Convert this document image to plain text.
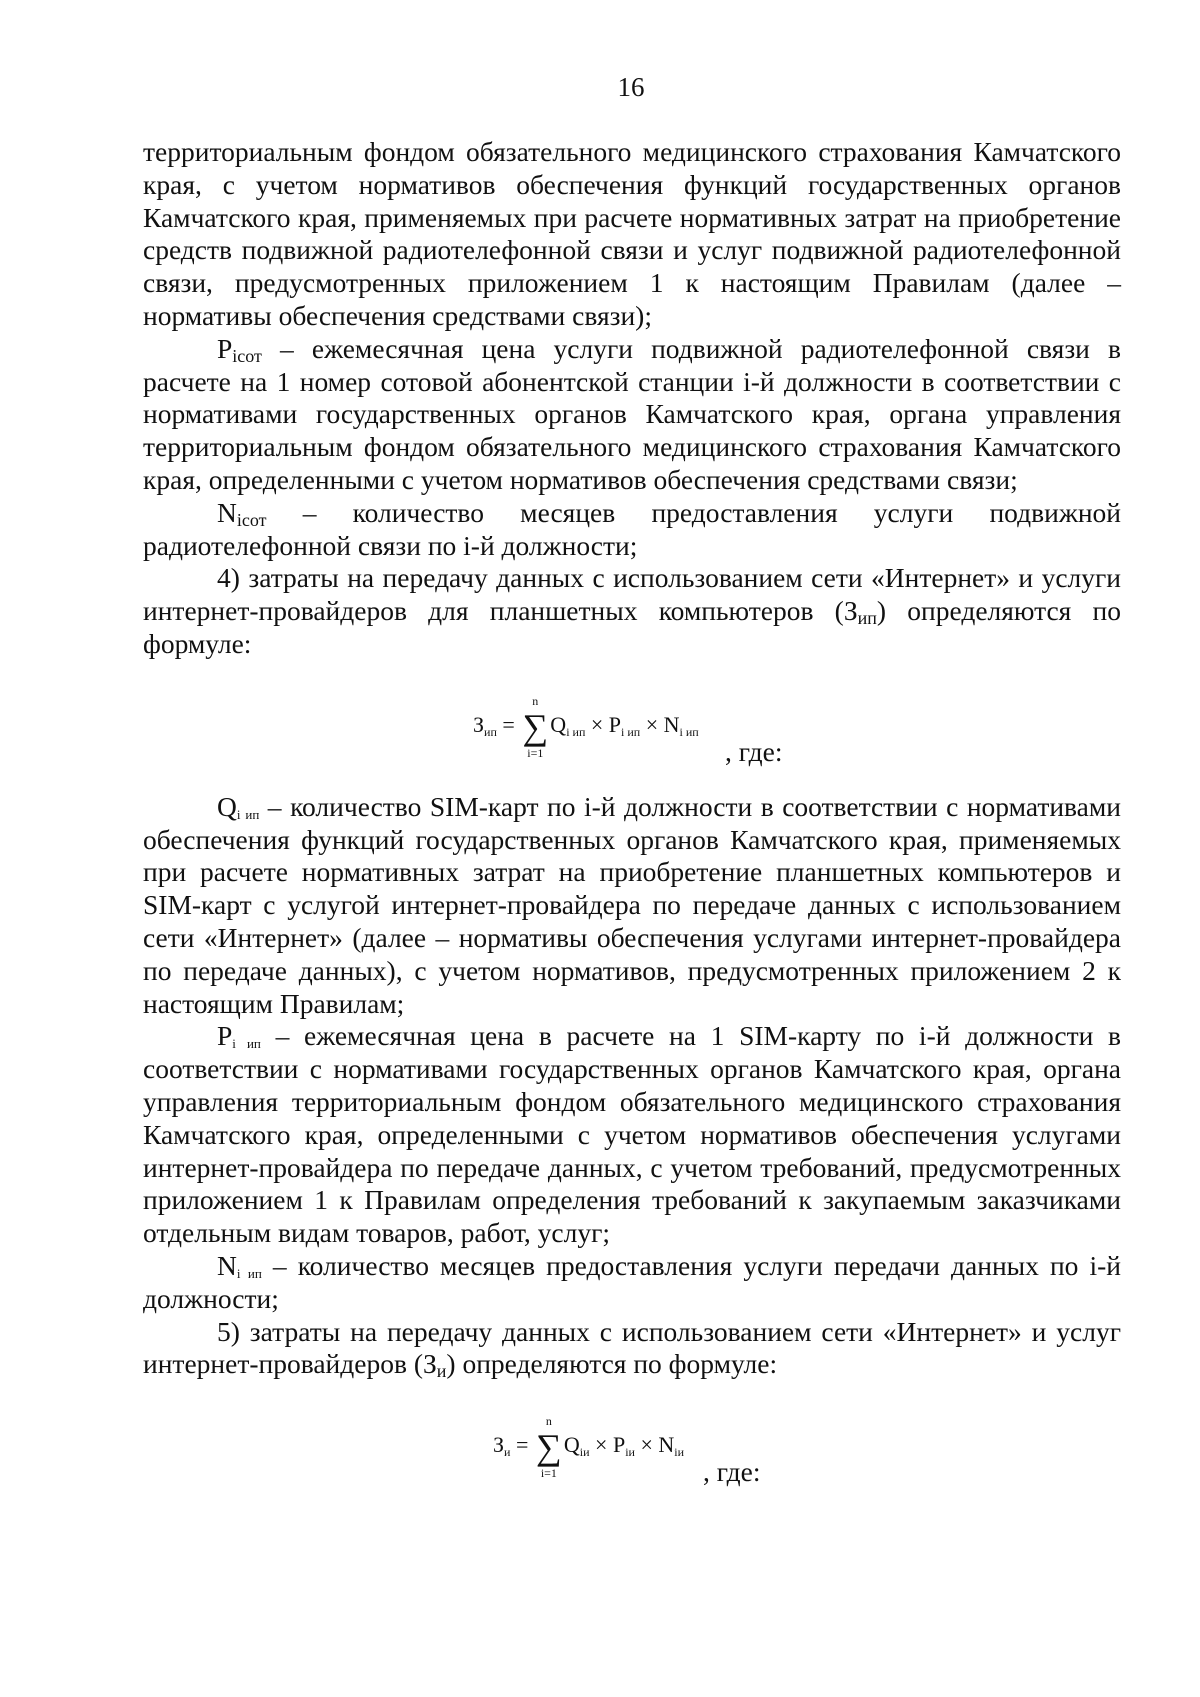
16

территориальным фондом обязательного медицинского страхования Камчатского края, с учетом нормативов обеспечения функций государственных органов Камчатского края, применяемых при расчете нормативных затрат на приобретение средств подвижной радиотелефонной связи и услуг подвижной радиотелефонной связи, предусмотренных приложением 1 к настоящим Правилам (далее – нормативы обеспечения средствами связи);

$P_{icот}$ – ежемесячная цена услуги подвижной радиотелефонной связи в расчете на 1 номер сотовой абонентской станции i-й должности в соответствии с нормативами государственных органов Камчатского края, органа управления территориальным фондом обязательного медицинского страхования Камчатского края, определенными с учетом нормативов обеспечения средствами связи;

$N_{icот}$ – количество месяцев предоставления услуги подвижной радиотелефонной связи по i-й должности;

4) затраты на передачу данных с использованием сети «Интернет» и услуги интернет-провайдеров для планшетных компьютеров $(З_{ип})$ определяются по формуле:

Зип =
n
∑
i=1
Qi ип × Pi ип × Ni ип
, где:

Qi ип – количество SIM-карт по i-й должности в соответствии с нормативами обеспечения функций государственных органов Камчатского края, применяемых при расчете нормативных затрат на приобретение планшетных компьютеров и SIM-карт с услугой интернет-провайдера по передаче данных с использованием сети «Интернет» (далее – нормативы обеспечения услугами интернет-провайдера по передаче данных), с учетом нормативов, предусмотренных приложением 2 к настоящим Правилам;

Pi ип – ежемесячная цена в расчете на 1 SIM-карту по i-й должности в соответствии с нормативами государственных органов Камчатского края, органа управления территориальным фондом обязательного медицинского страхования Камчатского края, определенными с учетом нормативов обеспечения услугами интернет-провайдера по передаче данных, с учетом требований, предусмотренных приложением 1 к Правилам определения требований к закупаемым заказчиками отдельным видам товаров, работ, услуг;

Ni ип – количество месяцев предоставления услуги передачи данных по i-й должности;

5) затраты на передачу данных с использованием сети «Интернет» и услуг интернет-провайдеров $(З_и)$ определяются по формуле:

Зи =
n
∑
i=1
Qiи × Piи × Niи
, где:
